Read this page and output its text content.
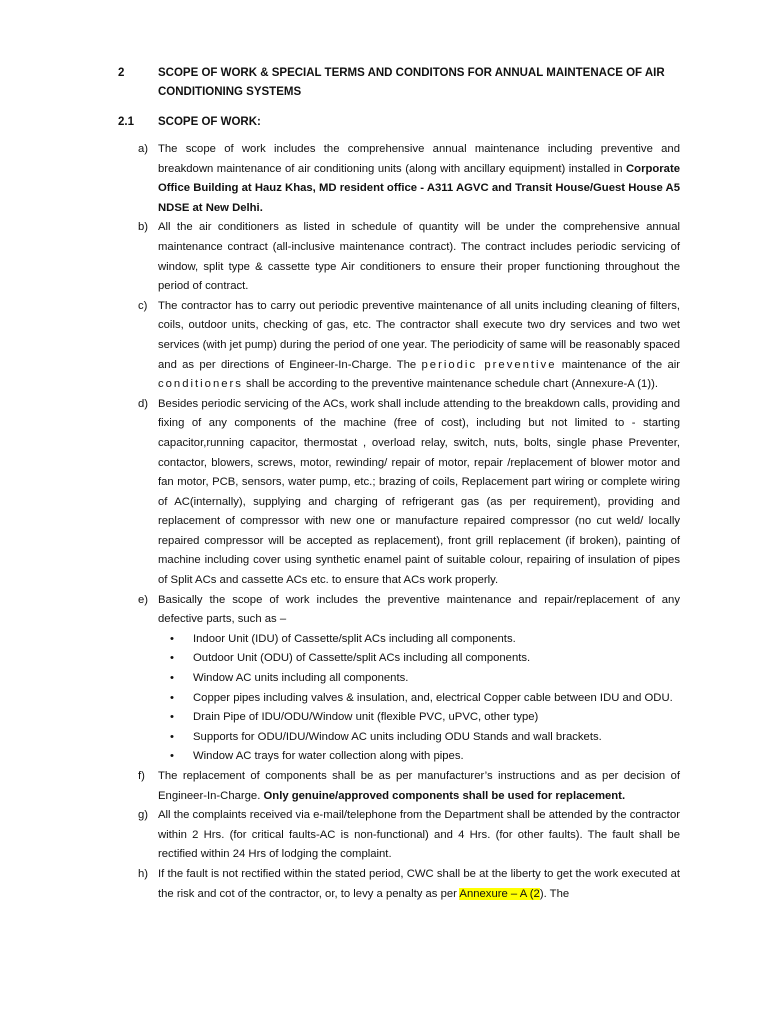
2	SCOPE OF WORK & SPECIAL TERMS AND CONDITONS FOR ANNUAL MAINTENACE OF AIR CONDITIONING SYSTEMS
2.1 SCOPE OF WORK:
a) The scope of work includes the comprehensive annual maintenance including preventive and breakdown maintenance of air conditioning units (along with ancillary equipment) installed in Corporate Office Building at Hauz Khas, MD resident office - A311 AGVC and Transit House/Guest House A5 NDSE at New Delhi.
b) All the air conditioners as listed in schedule of quantity will be under the comprehensive annual maintenance contract (all-inclusive maintenance contract). The contract includes periodic servicing of window, split type & cassette type Air conditioners to ensure their proper functioning throughout the period of contract.
c) The contractor has to carry out periodic preventive maintenance of all units including cleaning of filters, coils, outdoor units, checking of gas, etc. The contractor shall execute two dry services and two wet services (with jet pump) during the period of one year. The periodicity of same will be reasonably spaced and as per directions of Engineer-In-Charge. The periodic preventive maintenance of the air conditioners shall be according to the preventive maintenance schedule chart (Annexure-A (1)).
d) Besides periodic servicing of the ACs, work shall include attending to the breakdown calls, providing and fixing of any components of the machine (free of cost), including but not limited to - starting capacitor,running capacitor, thermostat , overload relay, switch, nuts, bolts, single phase Preventer, contactor, blowers, screws, motor, rewinding/ repair of motor, repair /replacement of blower motor and fan motor, PCB, sensors, water pump, etc.; brazing of coils, Replacement part wiring or complete wiring of AC(internally), supplying and charging of refrigerant gas (as per requirement), providing and replacement of compressor with new one or manufacture repaired compressor (no cut weld/ locally repaired compressor will be accepted as replacement), front grill replacement (if broken), painting of machine including cover using synthetic enamel paint of suitable colour, repairing of insulation of pipes of Split ACs and cassette ACs etc. to ensure that ACs work properly.
e) Basically the scope of work includes the preventive maintenance and repair/replacement of any defective parts, such as –
• Indoor Unit (IDU) of Cassette/split ACs including all components.
• Outdoor Unit (ODU) of Cassette/split ACs including all components.
• Window AC units including all components.
• Copper pipes including valves & insulation, and, electrical Copper cable between IDU and ODU.
• Drain Pipe of IDU/ODU/Window unit (flexible PVC, uPVC, other type)
• Supports for ODU/IDU/Window AC units including ODU Stands and wall brackets.
• Window AC trays for water collection along with pipes.
f) The replacement of components shall be as per manufacturer’s instructions and as per decision of Engineer-In-Charge. Only genuine/approved components shall be used for replacement.
g) All the complaints received via e-mail/telephone from the Department shall be attended by the contractor within 2 Hrs. (for critical faults-AC is non-functional) and 4 Hrs. (for other faults). The fault shall be rectified within 24 Hrs of lodging the complaint.
h) If the fault is not rectified within the stated period, CWC shall be at the liberty to get the work executed at the risk and cot of the contractor, or, to levy a penalty as per Annexure – A (2). The
